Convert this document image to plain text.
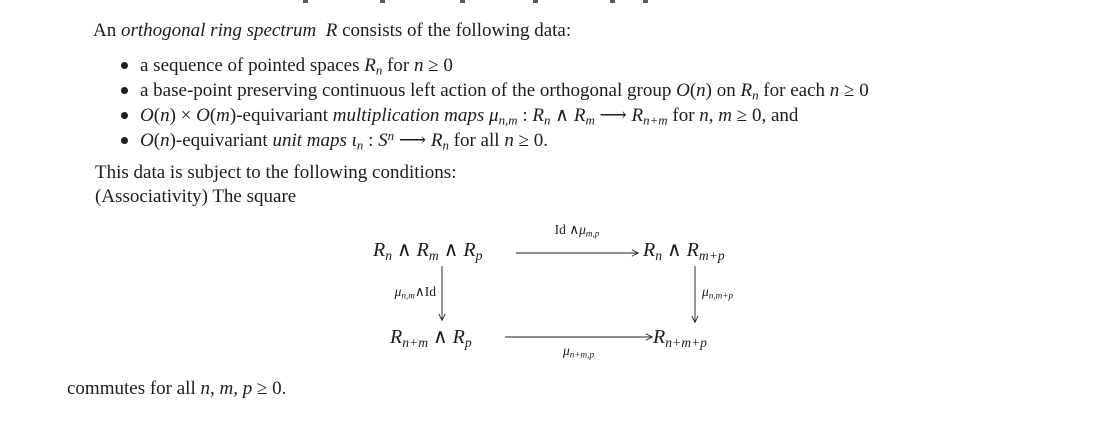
An orthogonal ring spectrum  R consists of the following data:
a sequence of pointed spaces $R_n$ for n ≥ 0
a base-point preserving continuous left action of the orthogonal group O(n) on $R_n$ for each n ≥ 0
O(n) × O(m)-equivariant multiplication maps $\mu_{n,m}$ : $R_n$ ∧ $R_m$ ⟶ $R_{n+m}$ for n, m ≥ 0, and
O(n)-equivariant unit maps $\iota_n$ : $S^n$ ⟶ $R_n$ for all n ≥ 0.
This data is subject to the following conditions:
(Associativity) The square
$R_n$ ∧ $R_m$ ∧ $R_p$	$R_n$ ∧ $R_{m+p}$
$R_{n+m}$ ∧ $R_p$	$R_{n+m+p}$
Id $\wedge\mu_{m,p}$
$\mu_{n,m}\wedge Id$	$\mu_{n,m+p}$
$\mu_{n+m,p}$
commutes for all n, m, p ≥ 0.
